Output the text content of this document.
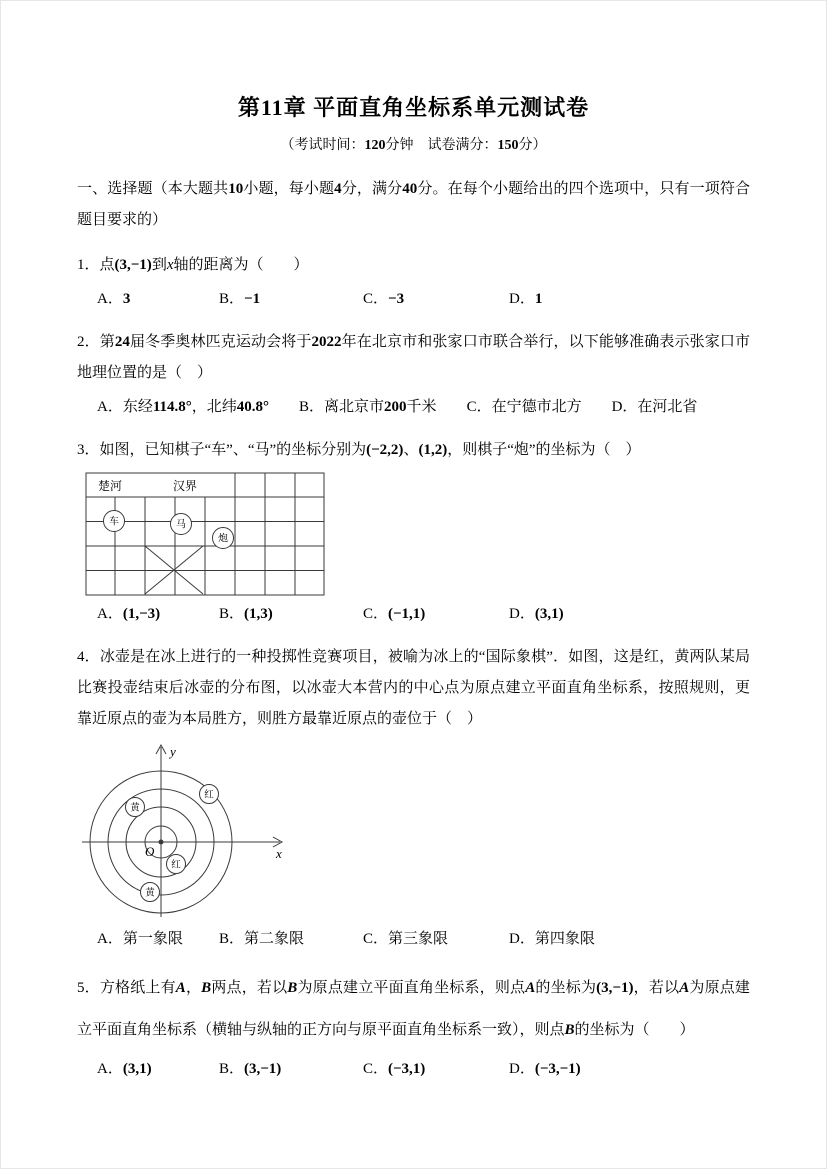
第11章 平面直角坐标系单元测试卷
（考试时间：120分钟　试卷满分：150分）
一、选择题（本大题共10小题，每小题4分，满分40分。在每个小题给出的四个选项中，只有一项符合题目要求的）
1．点(3,−1)到x轴的距离为（　　）
A．3	B．−1	C．−3	D．1
2．第24届冬季奥林匹克运动会将于2022年在北京市和张家口市联合举行，以下能够准确表示张家口市地理位置的是（　）
A．东经114.8°，北纬40.8° B．离北京市200千米 C．在宁德市北方 D．在河北省
3．如图，已知棋子“车”、“马”的坐标分别为(−2,2)、(1,2)，则棋子“炮”的坐标为（　）
楚河	汉界
车	马
炮
A．(1,−3)	B．(1,3)	C．(−1,1)	D．(3,1)
4．冰壶是在冰上进行的一种投掷性竞赛项目，被喻为冰上的“国际象棋”．如图，这是红，黄两队某局比赛投壶结束后冰壶的分布图，以冰壶大本营内的中心点为原点建立平面直角坐标系，按照规则，更靠近原点的壶为本局胜方，则胜方最靠近原点的壶位于（　）
y
x
O
红
黄
红
黄
A．第一象限	B．第二象限	C．第三象限	D．第四象限
5．方格纸上有A，B两点，若以B为原点建立平面直角坐标系，则点A的坐标为(3,−1)，若以A为原点建立平面直角坐标系（横轴与纵轴的正方向与原平面直角坐标系一致），则点B的坐标为（　　）
A．(3,1)	B．(3,−1)	C．(−3,1)	D．(−3,−1)
